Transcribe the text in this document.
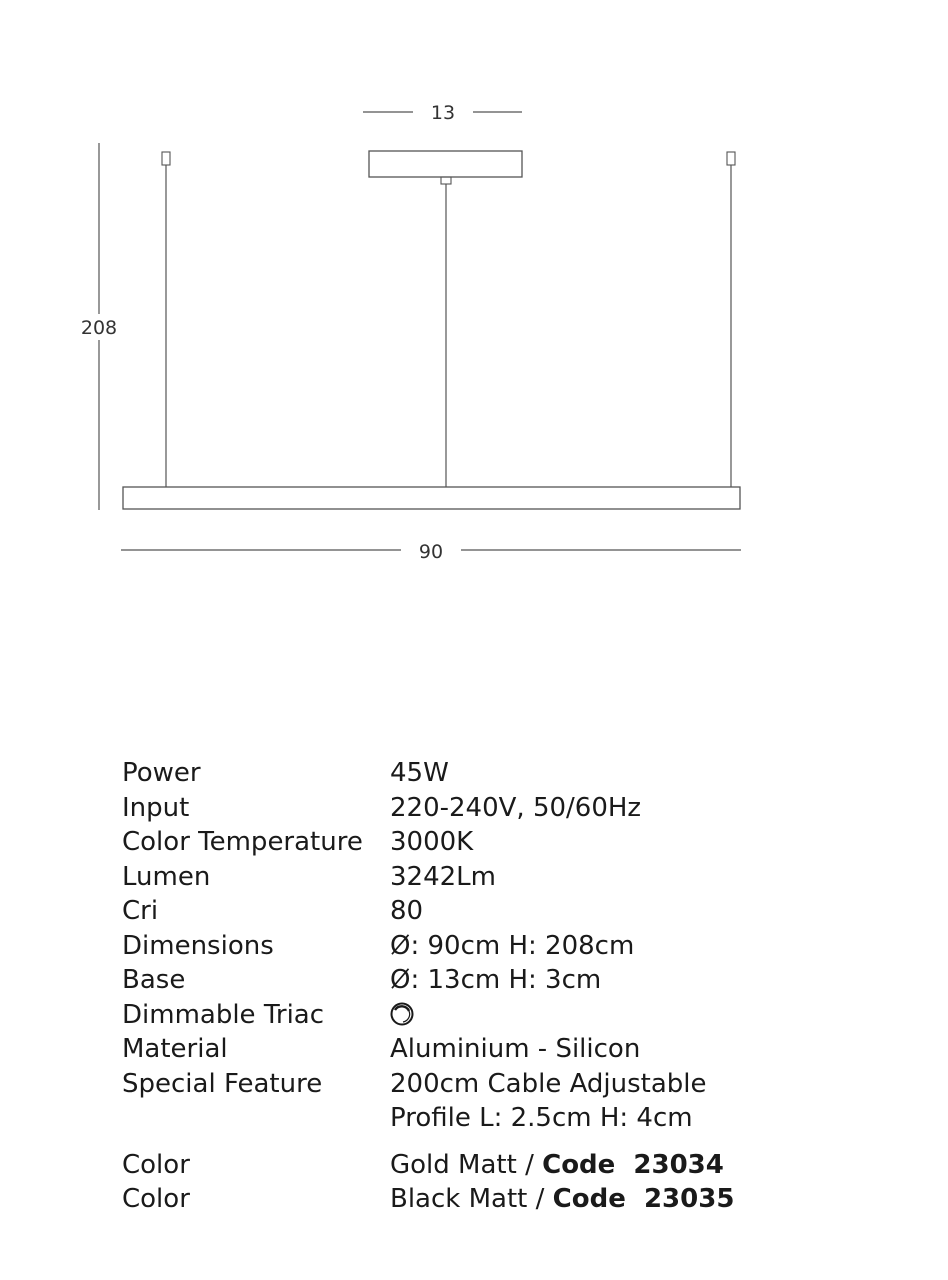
13
208
90
Power	45W
Input	220-240V, 50/60Hz
Color Temperature	3000K
Lumen	3242Lm
Cri	80
Dimensions	Ø: 90cm H: 208cm
Base	Ø: 13cm H: 3cm
Dimmable Triac
Material	Aluminium - Silicon
Special Feature	200cm Cable Adjustable
Profile L: 2.5cm H: 4cm
Color	Gold Matt / Code  23034
Color	Black Matt / Code  23035
